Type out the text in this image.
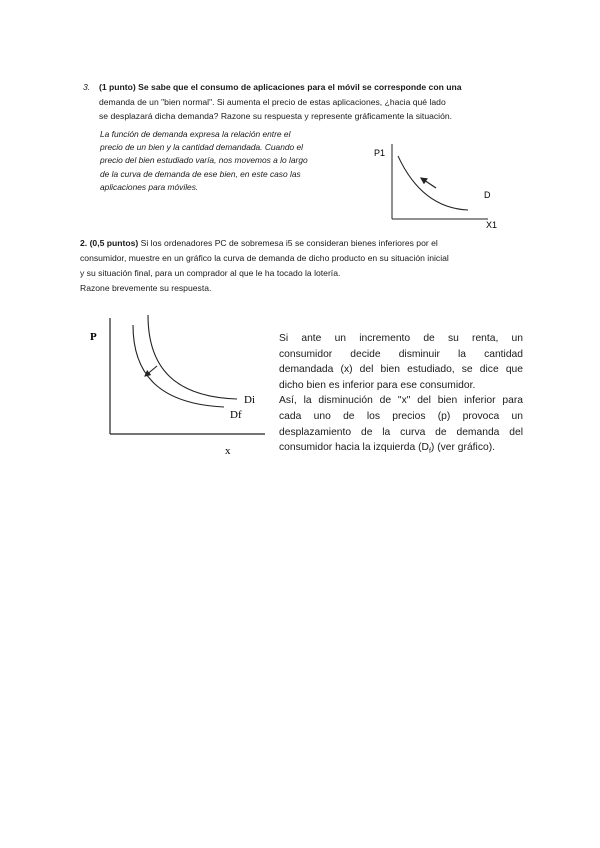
3. (1 punto) Se sabe que el consumo de aplicaciones para el móvil se corresponde con una
demanda de un "bien normal". Si aumenta el precio de estas aplicaciones, ¿hacia qué lado
se desplazará dicha demanda? Razone su respuesta y represente gráficamente la situación.
La función de demanda expresa la relación entre el
precio de un bien y la cantidad demandada. Cuando el
precio del bien estudiado varía, nos movemos a lo largo
de la curva de demanda de ese bien, en este caso las
aplicaciones para móviles.
P1
X1
D
2. (0,5 puntos) Si los ordenadores PC de sobremesa i5 se consideran bienes inferiores por el
consumidor, muestre en un gráfico la curva de demanda de dicho producto en su situación inicial
y su situación final, para un comprador al que le ha tocado la lotería.
Razone brevemente su respuesta.
P
x
Di
Df

Si ante un incremento de su renta, un
consumidor decide disminuir la cantidad
demandada (x) del bien estudiado, se dice que
dicho bien es inferior para ese consumidor.

Así, la disminución de "x" del bien inferior para
cada uno de los precios (p) provoca un
desplazamiento de la curva de demanda del
consumidor hacia la izquierda $(D_f)$ (ver gráfico).
